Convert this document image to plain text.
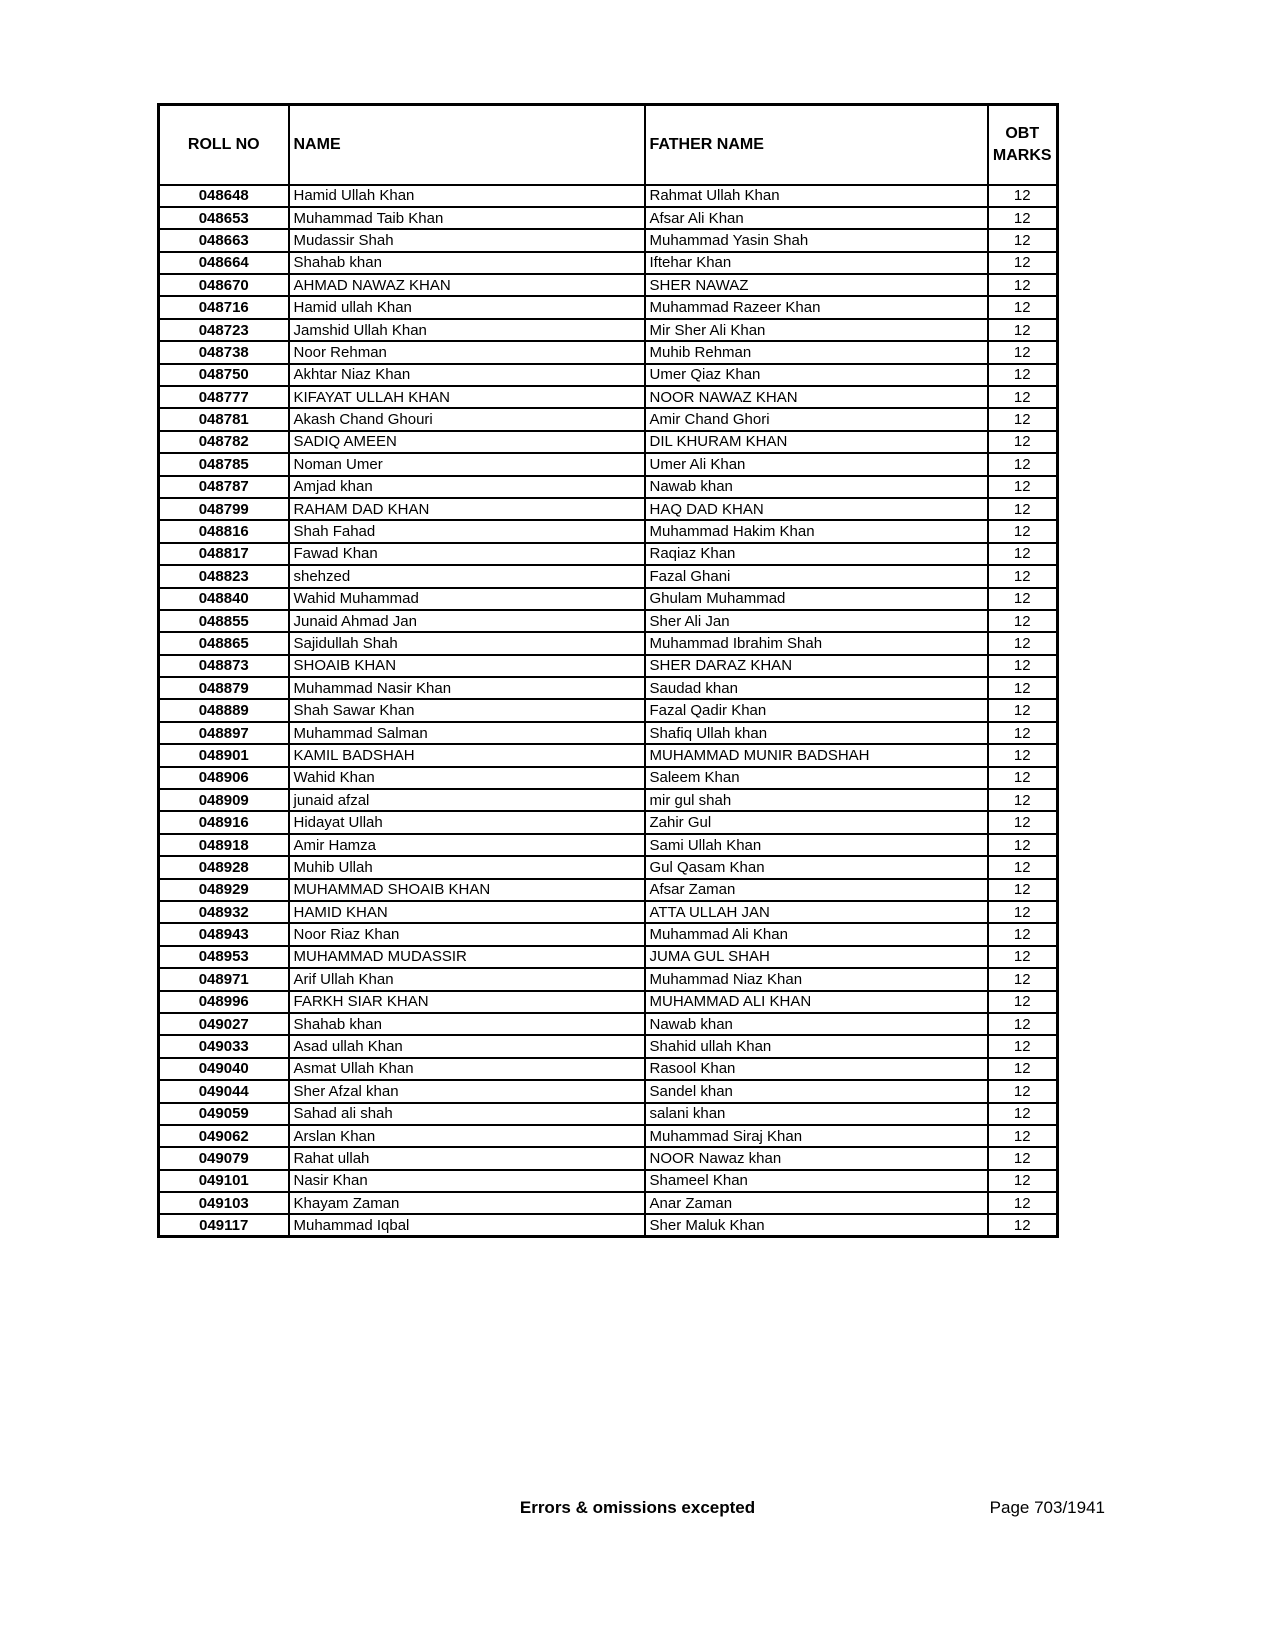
ROLL NO	NAME	FATHER NAME	OBT MARKS
048648	Hamid Ullah Khan	Rahmat Ullah Khan	12
048653	Muhammad Taib Khan	Afsar Ali Khan	12
048663	Mudassir Shah	Muhammad Yasin Shah	12
048664	Shahab khan	Iftehar Khan	12
048670	AHMAD NAWAZ KHAN	SHER NAWAZ	12
048716	Hamid ullah Khan	Muhammad Razeer Khan	12
048723	Jamshid Ullah Khan	Mir Sher Ali Khan	12
048738	Noor Rehman	Muhib Rehman	12
048750	Akhtar Niaz Khan	Umer Qiaz Khan	12
048777	KIFAYAT ULLAH KHAN	NOOR NAWAZ KHAN	12
048781	Akash Chand Ghouri	Amir Chand Ghori	12
048782	SADIQ AMEEN	DIL KHURAM KHAN	12
048785	Noman Umer	Umer Ali Khan	12
048787	Amjad khan	Nawab khan	12
048799	RAHAM DAD KHAN	HAQ DAD KHAN	12
048816	Shah Fahad	Muhammad Hakim Khan	12
048817	Fawad Khan	Raqiaz Khan	12
048823	shehzed	Fazal Ghani	12
048840	Wahid Muhammad	Ghulam Muhammad	12
048855	Junaid Ahmad Jan	Sher Ali Jan	12
048865	Sajidullah Shah	Muhammad Ibrahim Shah	12
048873	SHOAIB KHAN	SHER DARAZ KHAN	12
048879	Muhammad Nasir Khan	Saudad khan	12
048889	Shah Sawar Khan	Fazal Qadir Khan	12
048897	Muhammad Salman	Shafiq Ullah khan	12
048901	KAMIL BADSHAH	MUHAMMAD MUNIR BADSHAH	12
048906	Wahid Khan	Saleem Khan	12
048909	junaid afzal	mir gul shah	12
048916	Hidayat Ullah	Zahir Gul	12
048918	Amir Hamza	Sami Ullah Khan	12
048928	Muhib Ullah	Gul Qasam Khan	12
048929	MUHAMMAD SHOAIB KHAN	Afsar Zaman	12
048932	HAMID KHAN	ATTA ULLAH JAN	12
048943	Noor Riaz Khan	Muhammad Ali Khan	12
048953	MUHAMMAD MUDASSIR	JUMA GUL SHAH	12
048971	Arif Ullah Khan	Muhammad Niaz Khan	12
048996	FARKH SIAR KHAN	MUHAMMAD ALI KHAN	12
049027	Shahab khan	Nawab khan	12
049033	Asad ullah Khan	Shahid ullah Khan	12
049040	Asmat Ullah Khan	Rasool Khan	12
049044	Sher Afzal khan	Sandel khan	12
049059	Sahad ali shah	salani khan	12
049062	Arslan Khan	Muhammad Siraj Khan	12
049079	Rahat ullah	NOOR Nawaz khan	12
049101	Nasir Khan	Shameel Khan	12
049103	Khayam Zaman	Anar Zaman	12
049117	Muhammad Iqbal	Sher Maluk Khan	12
Errors & omissions excepted	Page 703/1941
